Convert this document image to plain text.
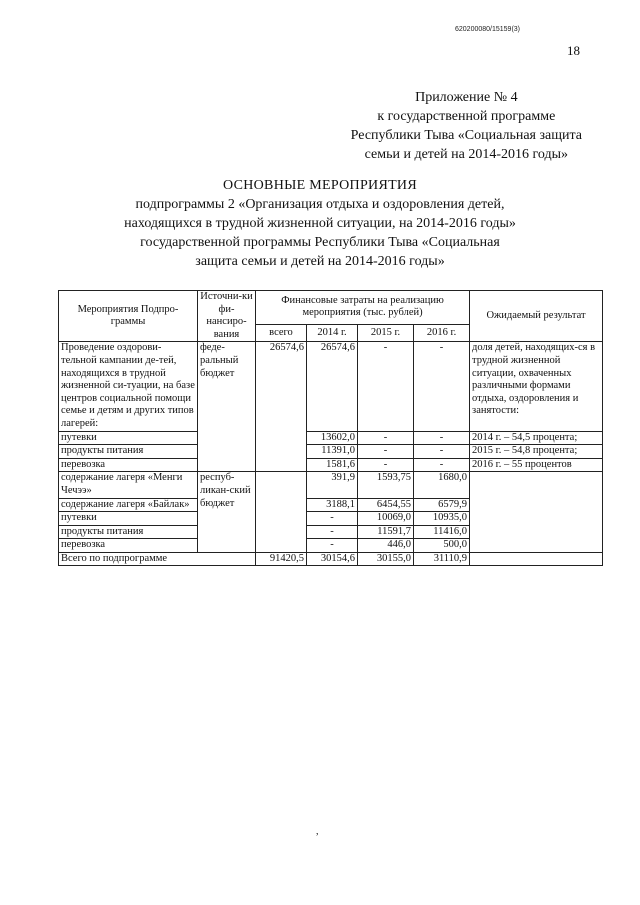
620200080/15159(3)
18
Приложение № 4
к государственной программе
Республики Тыва «Социальная защита
семьи и детей на 2014-2016 годы»
ОСНОВНЫЕ МЕРОПРИЯТИЯ
подпрограммы 2 «Организация отдыха и оздоровления детей,
находящихся в трудной жизненной ситуации, на 2014-2016 годы»
государственной программы Республики Тыва «Социальная
защита семьи и детей на 2014-2016 годы»
Мероприятия Подпро-граммы	Источни-ки фи-нансиро-вания	Финансовые затраты на реализацию мероприятия (тыс. рублей)				Ожидаемый результат
		всего	2014 г.	2015 г.	2016 г.	
Проведение оздорови-тельной кампании де-тей, находящихся в трудной жизненной си-туации, на базе центров социальной помощи семье и детям и других типов лагерей:	феде-ральный бюджет	26574,6	26574,6	-	-	доля детей, находящих-ся в трудной жизненной ситуации, охваченных различными формами отдыха, оздоровления и занятости:
путевки			13602,0	-	-	2014 г. – 54,5 процента;
продукты питания			11391,0	-	-	2015 г. – 54,8 процента;
перевозка			1581,6	-	-	2016 г. – 55 процентов
содержание лагеря «Менги Чечээ»	респуб-ликан-ский бюджет		391,9	1593,75	1680,0	
содержание лагеря «Байлак»			3188,1	6454,55	6579,9	
путевки			-	10069,0	10935,0	
продукты питания			-	11591,7	11416,0	
перевозка			-	446,0	500,0	
Всего по подпрограмме		91420,5	30154,6	30155,0	31110,9	
,
